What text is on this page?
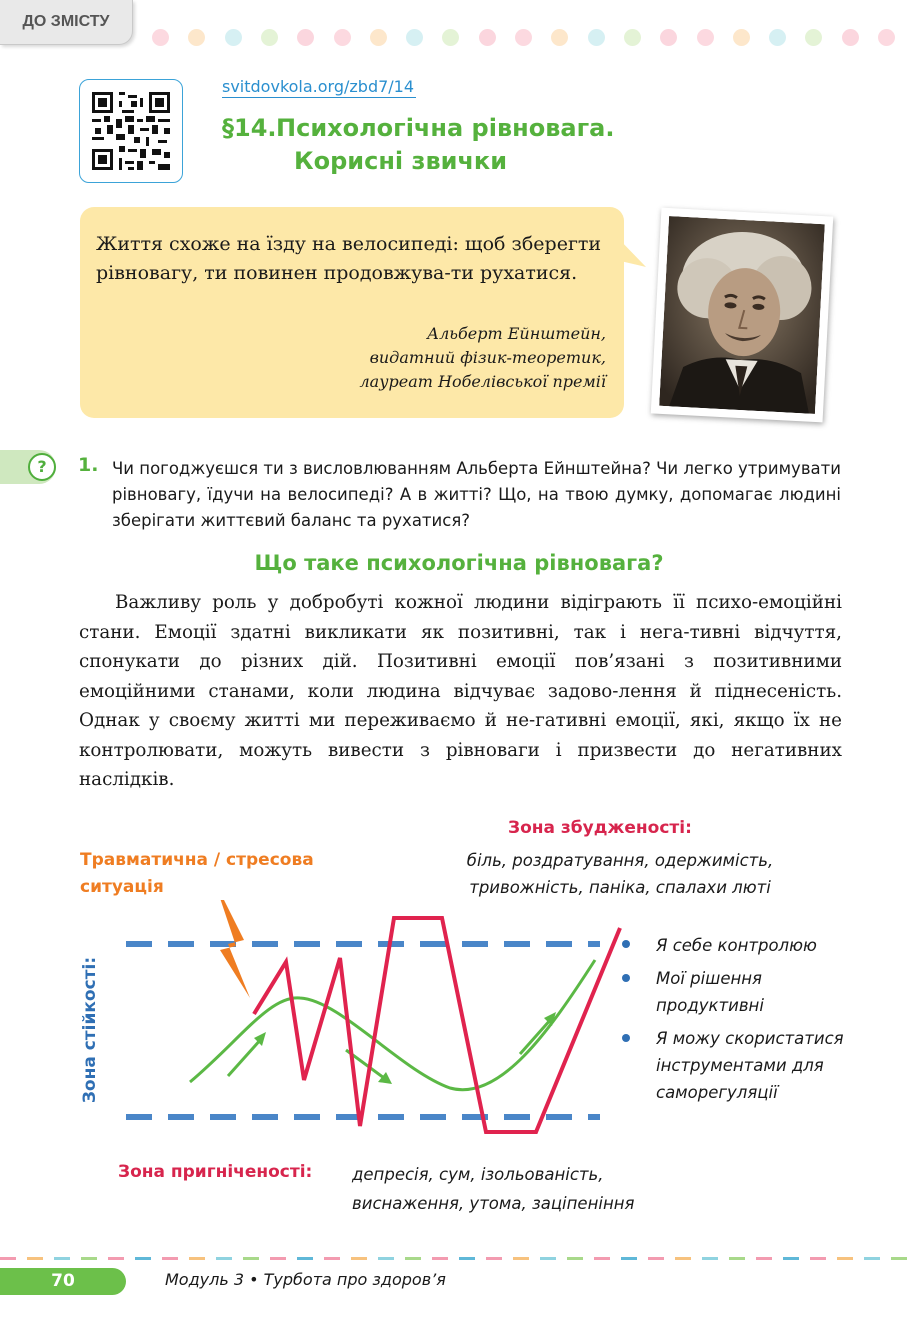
ДО ЗМІСТУ
svitdovkola.org/zbd7/14
§14. Психологічна рівновага.
Корисні звички
Життя схоже на їзду на велосипеді: щоб зберегти рівновагу, ти повинен продовжува-ти рухатися.
Альберт Ейнштейн,
видатний фізик-теоретик,
лауреат Нобелівської премії
?	1. Чи погоджуєшся ти з висловлюванням Альберта Ейнштейна? Чи легко утримувати рівновагу, їдучи на велосипеді? А в житті? Що, на твою думку, допомагає людині зберігати життєвий баланс та рухатися?
Що таке психологічна рівновага?
Важливу роль у добробуті кожної людини відіграють її психо-емоційні стани. Емоції здатні викликати як позитивні, так і нега-тивні відчуття, спонукати до різних дій. Позитивні емоції пов’язані з позитивними емоційними станами, коли людина відчуває задово-лення й піднесеність. Однак у своєму житті ми переживаємо й не-гативні емоції, які, якщо їх не контролювати, можуть вивести з рівноваги і призвести до негативних наслідків.
Зона збудженості:
біль, роздратування, одержимість,
тривожність, паніка, спалахи люті
Травматична / стресова
ситуація
Зона стійкості:
Я себе контролюю
Мої рішення продуктивні
Я можу скористатися інструментами для саморегуляції
Зона пригніченості: депресія, сум, ізольованість,
виснаження, утома, заціпеніння
70	Модуль 3 • Турбота про здоров’я
